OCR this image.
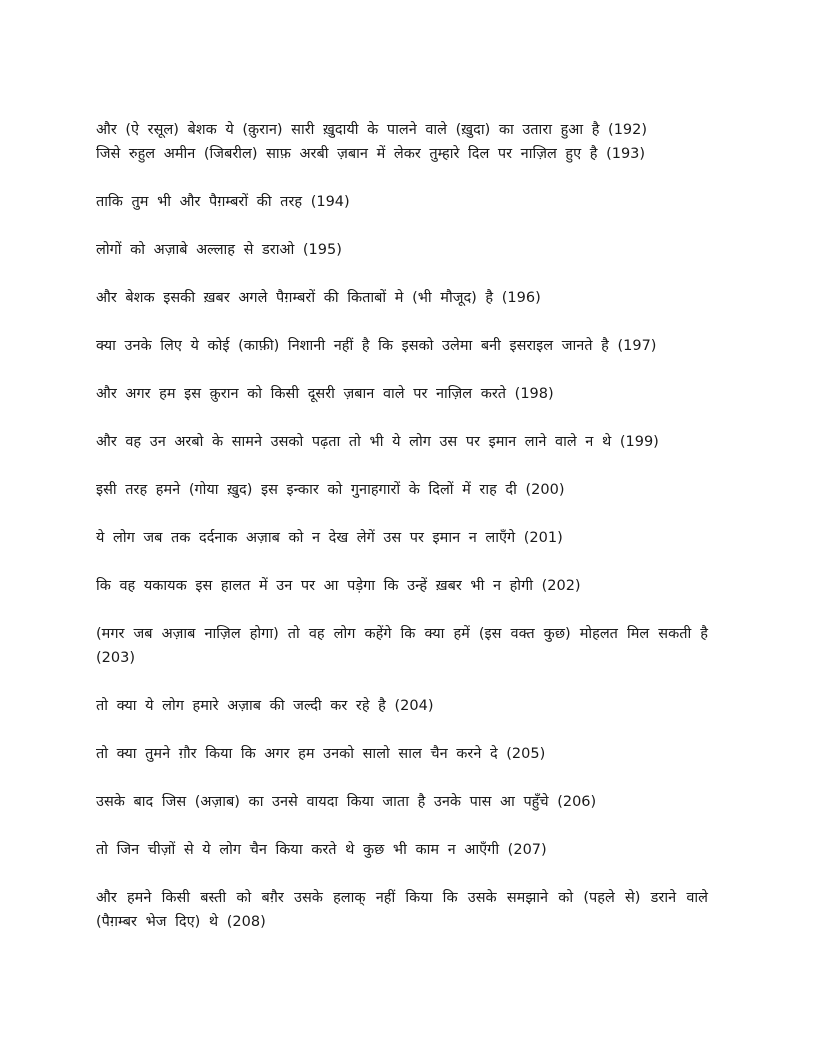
और (ऐ रसूल) बेशक ये (क़ुरान) सारी ख़ुदायी के पालने वाले (ख़ुदा) का उतारा हुआ है (192)

जिसे रुहुल अमीन (जिबरील) साफ़ अरबी ज़बान में लेकर तुम्हारे दिल पर नाज़िल हुए है (193)

ताकि तुम भी और पैग़म्बरों की तरह (194)

लोगों को अज़ाबे अल्लाह से डराओ (195)

और बेशक इसकी ख़बर अगले पैग़म्बरों की किताबों मे (भी मौजूद) है (196)

क्या उनके लिए ये कोई (काफ़ी) निशानी नहीं है कि इसको उलेमा बनी इसराइल जानते है (197)

और अगर हम इस क़ुरान को किसी दूसरी ज़बान वाले पर नाज़िल करते (198)

और वह उन अरबो के सामने उसको पढ़ता तो भी ये लोग उस पर इमान लाने वाले न थे (199)

इसी तरह हमने (गोया ख़ुद) इस इन्कार को गुनाहगारों के दिलों में राह दी (200)

ये लोग जब तक दर्दनाक अज़ाब को न देख लेगें उस पर इमान न लाएँगे (201)

कि वह यकायक इस हालत में उन पर आ पड़ेगा कि उन्हें ख़बर भी न होगी (202)

(मगर जब अज़ाब नाज़िल होगा) तो वह लोग कहेंगे कि क्या हमें (इस वक्त कुछ) मोहलत मिल सकती है (203)

तो क्या ये लोग हमारे अज़ाब की जल्दी कर रहे है (204)

तो क्या तुमने ग़ौर किया कि अगर हम उनको सालो साल चैन करने दे (205)

उसके बाद जिस (अज़ाब) का उनसे वायदा किया जाता है उनके पास आ पहुँचे (206)

तो जिन चीज़ों से ये लोग चैन किया करते थे कुछ भी काम न आएँगी (207)

और हमने किसी बस्ती को बग़ैर उसके हलाक् नहीं किया कि उसके समझाने को (पहले से) डराने वाले (पैग़म्बर भेज दिए) थे (208)
